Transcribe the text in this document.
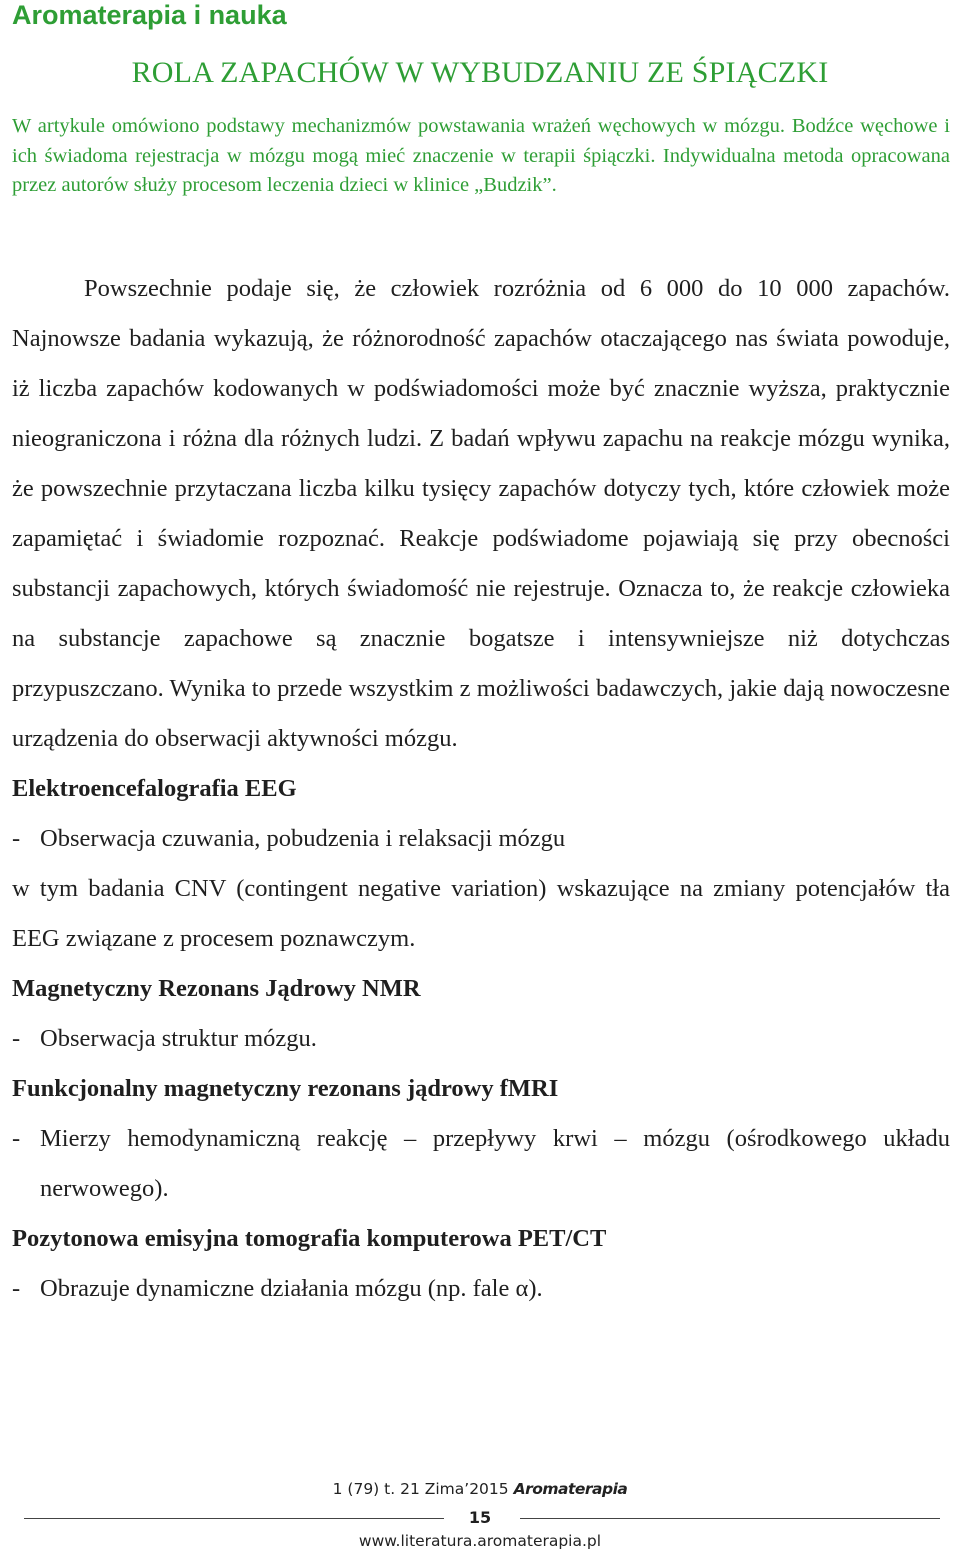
Aromaterapia i nauka
ROLA ZAPACHÓW W WYBUDZANIU ZE ŚPIĄCZKI
W artykule omówiono podstawy mechanizmów powstawania wrażeń węchowych w mózgu. Bodźce węchowe i ich świadoma rejestracja w mózgu mogą mieć znaczenie w terapii śpiączki. Indywidualna metoda opracowana przez autorów służy procesom leczenia dzieci w klinice „Budzik”.

Powszechnie podaje się, że człowiek rozróżnia od 6 000 do 10 000 zapachów. Najnowsze badania wykazują, że różnorodność zapachów otaczającego nas świata powoduje, iż liczba zapachów kodowanych w podświadomości może być znacznie wyższa, praktycznie nieograniczona i różna dla różnych ludzi. Z badań wpływu zapachu na reakcje mózgu wynika, że powszechnie przytaczana liczba kilku tysięcy zapachów dotyczy tych, które człowiek może zapamiętać i świadomie rozpoznać. Reakcje podświadome pojawiają się przy obecności substancji zapachowych, których świadomość nie rejestruje. Oznacza to, że reakcje człowieka na substancje zapachowe są znacznie bogatsze i intensywniejsze niż dotychczas przypuszczano. Wynika to przede wszystkim z możliwości badawczych, jakie dają nowoczesne urządzenia do obserwacji aktywności mózgu.

Elektroencefalografia EEG

- Obserwacja czuwania, pobudzenia i relaksacji mózgu

w tym badania CNV (contingent negative variation) wskazujące na zmiany potencjałów tła EEG związane z procesem poznawczym.

Magnetyczny Rezonans Jądrowy NMR

- Obserwacja struktur mózgu.

Funkcjonalny magnetyczny rezonans jądrowy fMRI

- Mierzy hemodynamiczną reakcję – przepływy krwi – mózgu (ośrodkowego układu nerwowego).

Pozytonowa emisyjna tomografia komputerowa PET/CT

- Obrazuje dynamiczne działania mózgu (np. fale α).
1 (79) t. 21 Zima’2015 Aromaterapia
15
www.literatura.aromaterapia.pl
